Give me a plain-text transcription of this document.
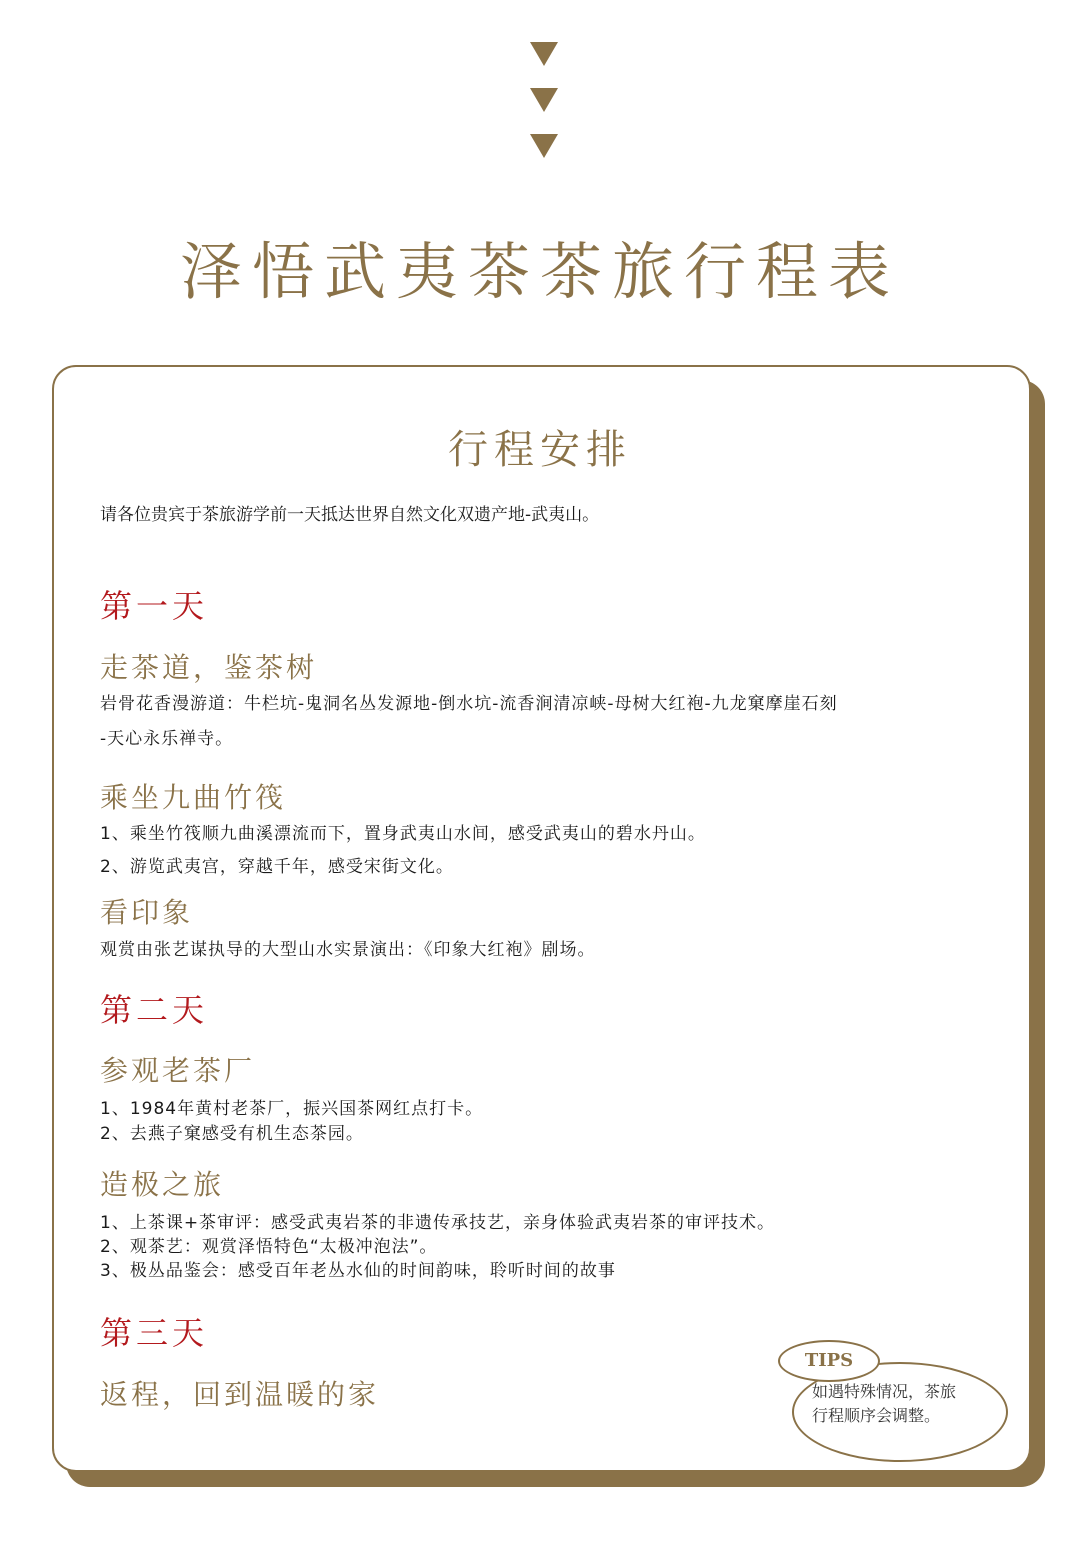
泽悟武夷茶茶旅行程表
行程安排
请各位贵宾于茶旅游学前一天抵达世界自然文化双遗产地-武夷山。
第一天
走茶道，鉴茶树
岩骨花香漫游道：牛栏坑-鬼洞名丛发源地-倒水坑-流香涧清凉峡-母树大红袍-九龙窠摩崖石刻
-天心永乐禅寺。
乘坐九曲竹筏
1、乘坐竹筏顺九曲溪漂流而下，置身武夷山水间，感受武夷山的碧水丹山。
2、游览武夷宫，穿越千年，感受宋街文化。
看印象
观赏由张艺谋执导的大型山水实景演出：《印象大红袍》剧场。
第二天
参观老茶厂
1、1984年黄村老茶厂，振兴国茶网红点打卡。
2、去燕子窠感受有机生态茶园。
造极之旅
1、上茶课+茶审评：感受武夷岩茶的非遗传承技艺，亲身体验武夷岩茶的审评技术。
2、观茶艺：观赏泽悟特色“太极冲泡法”。
3、极丛品鉴会：感受百年老丛水仙的时间韵味，聆听时间的故事
第三天
返程，回到温暖的家
TIPS
如遇特殊情况，茶旅
行程顺序会调整。
